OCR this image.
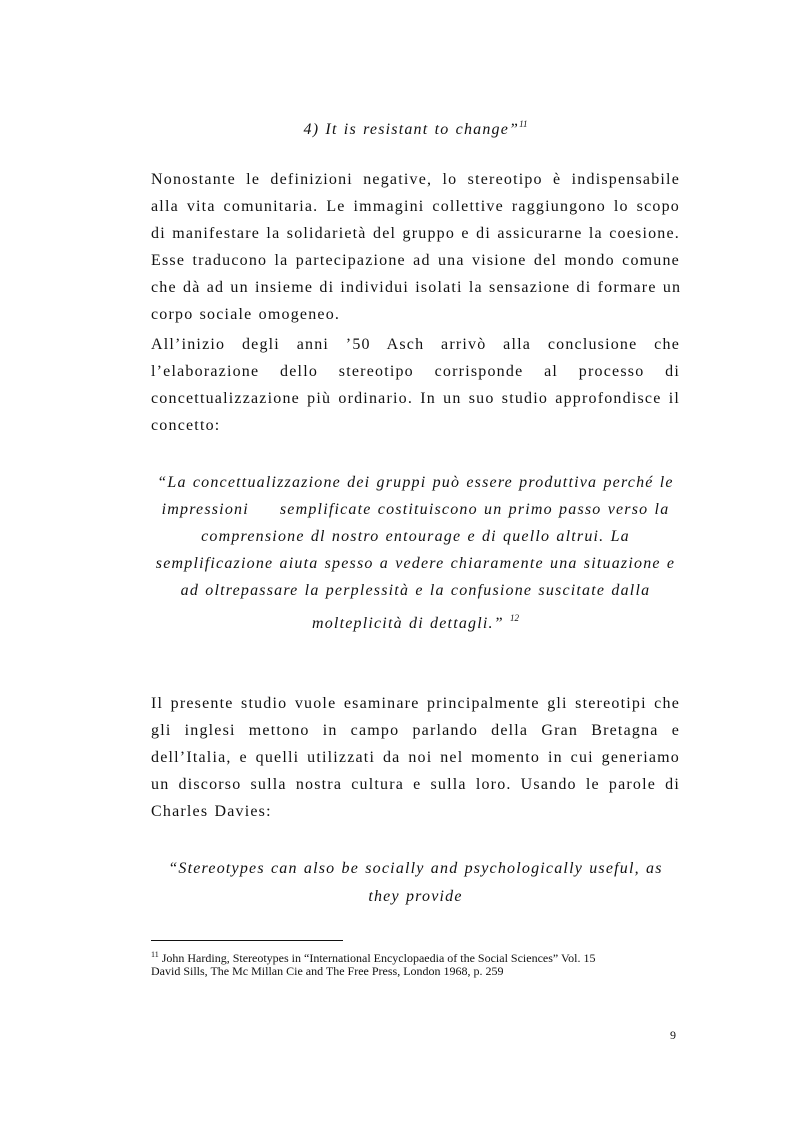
4) It is resistant to change”$^{11}$
Nonostante le definizioni negative, lo stereotipo è indispensabile
alla vita comunitaria. Le immagini collettive raggiungono lo scopo
di manifestare la solidarietà del gruppo e di assicurarne la coesione.
Esse traducono la partecipazione ad una visione del mondo comune
che dà ad un insieme di individui isolati la sensazione di formare un
corpo sociale omogeneo.
All’inizio degli anni ’50 Asch arrivò alla conclusione che
l’elaborazione dello stereotipo corrisponde al processo di
concettualizzazione più ordinario. In un suo studio approfondisce il
concetto:
“La concettualizzazione dei gruppi può essere produttiva perché le
impressioni     semplificate costituiscono un primo passo verso la
comprensione dl nostro entourage e di quello altrui. La
semplificazione aiuta spesso a vedere chiaramente una situazione e
ad oltrepassare la perplessità e la confusione suscitate dalla
molteplicità di dettagli.” $^{12}$
Il presente studio vuole esaminare principalmente gli stereotipi che
gli inglesi mettono in campo parlando della Gran Bretagna e
dell’Italia, e quelli utilizzati da noi nel momento in cui generiamo
un discorso sulla nostra cultura e sulla loro. Usando le parole di
Charles Davies:
“Stereotypes can also be socially and psychologically useful, as
they provide
$^{11}$ John Harding, Stereotypes in “International Encyclopaedia of the Social Sciences” Vol. 15
David Sills, The Mc Millan Cie and The Free Press, London 1968, p. 259
9
